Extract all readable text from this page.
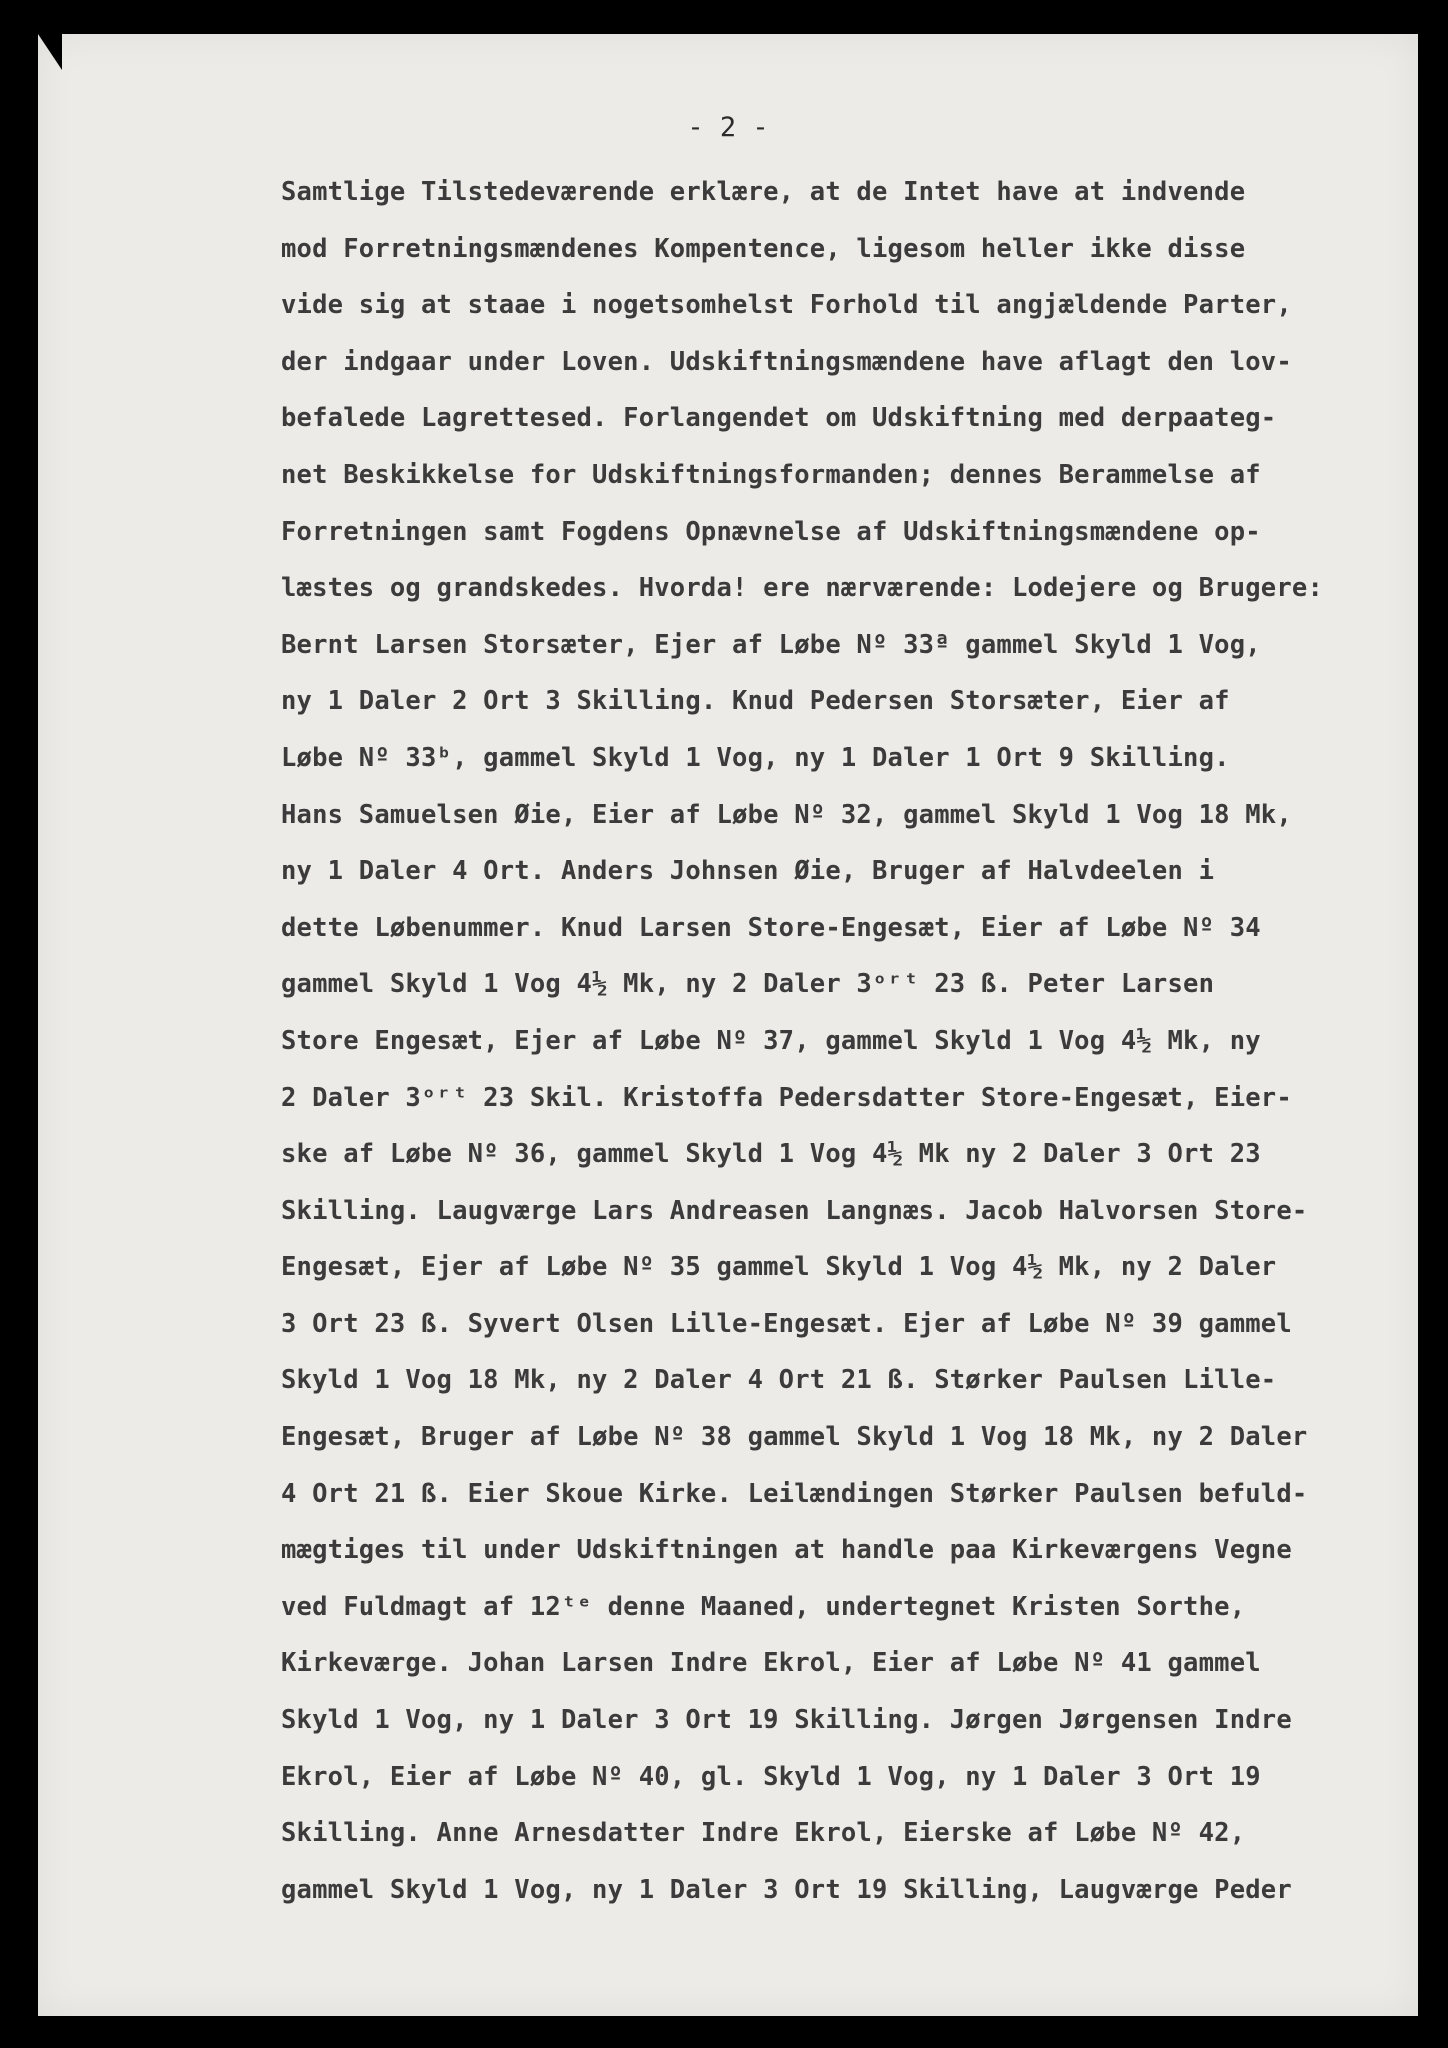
- 2 -
Samtlige Tilstedeværende erklære, at de Intet have at indvende
mod Forretningsmændenes Kompentence, ligesom heller ikke disse
vide sig at staae i nogetsomhelst Forhold til angjældende Parter,
der indgaar under Loven. Udskiftningsmændene have aflagt den lov-
befalede Lagrettesed. Forlangendet om Udskiftning med derpaateg-
net Beskikkelse for Udskiftningsformanden; dennes Berammelse af
Forretningen samt Fogdens Opnævnelse af Udskiftningsmændene op-
læstes og grandskedes. Hvorda! ere nærværende: Lodejere og Brugere:
Bernt Larsen Storsæter, Ejer af Løbe Nº 33ª gammel Skyld 1 Vog,
ny 1 Daler 2 Ort 3 Skilling. Knud Pedersen Storsæter, Eier af
Løbe Nº 33ᵇ, gammel Skyld 1 Vog, ny 1 Daler 1 Ort 9 Skilling.
Hans Samuelsen Øie, Eier af Løbe Nº 32, gammel Skyld 1 Vog 18 Mk,
ny 1 Daler 4 Ort. Anders Johnsen Øie, Bruger af Halvdeelen i
dette Løbenummer. Knud Larsen Store-Engesæt, Eier af Løbe Nº 34
gammel Skyld 1 Vog 4½ Mk, ny 2 Daler 3ᵒʳᵗ 23 ß. Peter Larsen
Store Engesæt, Ejer af Løbe Nº 37, gammel Skyld 1 Vog 4½ Mk, ny
2 Daler 3ᵒʳᵗ 23 Skil. Kristoffa Pedersdatter Store-Engesæt, Eier-
ske af Løbe Nº 36, gammel Skyld 1 Vog 4½ Mk ny 2 Daler 3 Ort 23
Skilling. Laugværge Lars Andreasen Langnæs. Jacob Halvorsen Store-
Engesæt, Ejer af Løbe Nº 35 gammel Skyld 1 Vog 4½ Mk, ny 2 Daler
3 Ort 23 ß. Syvert Olsen Lille-Engesæt. Ejer af Løbe Nº 39 gammel
Skyld 1 Vog 18 Mk, ny 2 Daler 4 Ort 21 ß. Størker Paulsen Lille-
Engesæt, Bruger af Løbe Nº 38 gammel Skyld 1 Vog 18 Mk, ny 2 Daler
4 Ort 21 ß. Eier Skoue Kirke. Leilændingen Størker Paulsen befuld-
mægtiges til under Udskiftningen at handle paa Kirkeværgens Vegne
ved Fuldmagt af 12ᵗᵉ denne Maaned, undertegnet Kristen Sorthe,
Kirkeværge. Johan Larsen Indre Ekrol, Eier af Løbe Nº 41 gammel
Skyld 1 Vog, ny 1 Daler 3 Ort 19 Skilling. Jørgen Jørgensen Indre
Ekrol, Eier af Løbe Nº 40, gl. Skyld 1 Vog, ny 1 Daler 3 Ort 19
Skilling. Anne Arnesdatter Indre Ekrol, Eierske af Løbe Nº 42,
gammel Skyld 1 Vog, ny 1 Daler 3 Ort 19 Skilling, Laugværge Peder
